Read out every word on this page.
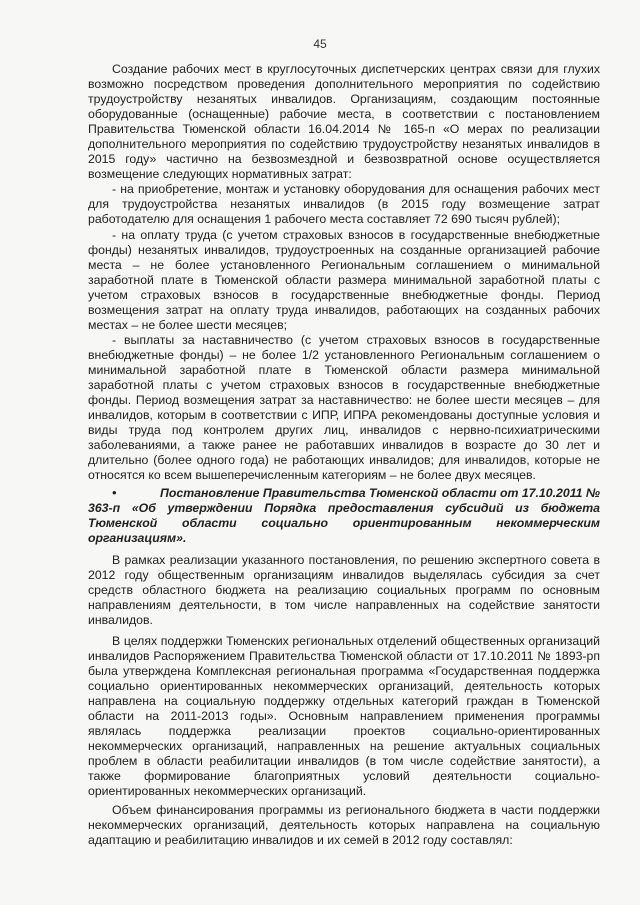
45

Создание рабочих мест в круглосуточных диспетчерских центрах связи для глухих возможно посредством проведения дополнительного мероприятия по содействию трудоустройству незанятых инвалидов. Организациям, создающим постоянные оборудованные (оснащенные) рабочие места, в соответствии с постановлением Правительства Тюменской области 16.04.2014 № 165-п «О мерах по реализации дополнительного мероприятия по содействию трудоустройству незанятых инвалидов в 2015 году» частично на безвозмездной и безвозвратной основе осуществляется возмещение следующих нормативных затрат:

- на приобретение, монтаж и установку оборудования для оснащения рабочих мест для трудоустройства незанятых инвалидов (в 2015 году возмещение затрат работодателю для оснащения 1 рабочего места составляет 72 690 тысяч рублей);

- на оплату труда (с учетом страховых взносов в государственные внебюджетные фонды) незанятых инвалидов, трудоустроенных на созданные организацией рабочие места – не более установленного Региональным соглашением о минимальной заработной плате в Тюменской области размера минимальной заработной платы с учетом страховых взносов в государственные внебюджетные фонды. Период возмещения затрат на оплату труда инвалидов, работающих на созданных рабочих местах – не более шести месяцев;

- выплаты за наставничество (с учетом страховых взносов в государственные внебюджетные фонды) – не более 1/2 установленного Региональным соглашением о минимальной заработной плате в Тюменской области размера минимальной заработной платы с учетом страховых взносов в государственные внебюджетные фонды. Период возмещения затрат за наставничество: не более шести месяцев – для инвалидов, которым в соответствии с ИПР, ИПРА рекомендованы доступные условия и виды труда под контролем других лиц, инвалидов с нервно-психиатрическими заболеваниями, а также ранее не работавших инвалидов в возрасте до 30 лет и длительно (более одного года) не работающих инвалидов; для инвалидов, которые не относятся ко всем вышеперечисленным категориям – не более двух месяцев.

•	Постановление Правительства Тюменской области от 17.10.2011 № 363-п «Об утверждении Порядка предоставления субсидий из бюджета Тюменской области социально ориентированным некоммерческим организациям».

В рамках реализации указанного постановления, по решению экспертного совета в 2012 году общественным организациям инвалидов выделялась субсидия за счет средств областного бюджета на реализацию социальных программ по основным направлениям деятельности, в том числе направленных на содействие занятости инвалидов.

В целях поддержки Тюменских региональных отделений общественных организаций инвалидов Распоряжением Правительства Тюменской области от 17.10.2011 № 1893-рп была утверждена Комплексная региональная программа «Государственная поддержка социально ориентированных некоммерческих организаций, деятельность которых направлена на социальную поддержку отдельных категорий граждан в Тюменской области на 2011-2013 годы». Основным направлением применения программы являлась поддержка реализации проектов социально-ориентированных некоммерческих организаций, направленных на решение актуальных социальных проблем в области реабилитации инвалидов (в том числе содействие занятости), а также формирование благоприятных условий деятельности социально-ориентированных некоммерческих организаций.

Объем финансирования программы из регионального бюджета в части поддержки некоммерческих организаций, деятельность которых направлена на социальную адаптацию и реабилитацию инвалидов и их семей в 2012 году составлял:
